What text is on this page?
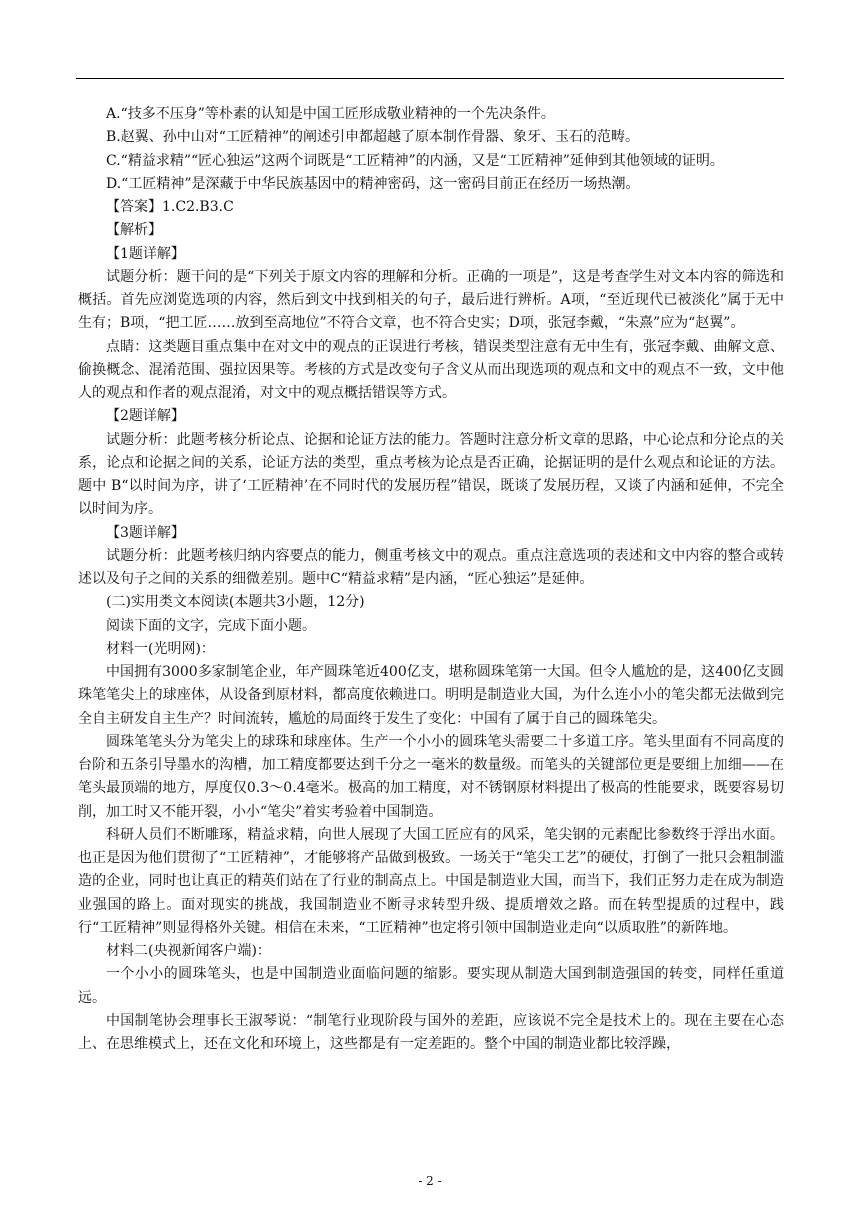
A.“技多不压身”等朴素的认知是中国工匠形成敬业精神的一个先决条件。

B.赵翼、孙中山对“工匠精神”的阐述引申都超越了原本制作骨器、象牙、玉石的范畴。

C.“精益求精”“匠心独运”这两个词既是“工匠精神”的内涵，又是“工匠精神”延伸到其他领域的证明。

D.“工匠精神”是深藏于中华民族基因中的精神密码，这一密码目前正在经历一场热潮。

【答案】1.C2.B3.C

【解析】

【1题详解】

试题分析：题干问的是“下列关于原文内容的理解和分析。正确的一项是”，这是考查学生对文本内容的筛选和概括。首先应浏览选项的内容，然后到文中找到相关的句子，最后进行辨析。A项，“至近现代已被淡化”属于无中生有；B项，“把工匠……放到至高地位”不符合文章，也不符合史实；D项，张冠李戴，“朱熹”应为“赵翼”。

点睛：这类题目重点集中在对文中的观点的正误进行考核，错误类型注意有无中生有，张冠李戴、曲解文意、偷换概念、混淆范围、强拉因果等。考核的方式是改变句子含义从而出现选项的观点和文中的观点不一致，文中他人的观点和作者的观点混淆，对文中的观点概括错误等方式。

【2题详解】

试题分析：此题考核分析论点、论据和论证方法的能力。答题时注意分析文章的思路，中心论点和分论点的关系，论点和论据之间的关系，论证方法的类型，重点考核为论点是否正确，论据证明的是什么观点和论证的方法。题中 B“以时间为序，讲了‘工匠精神’在不同时代的发展历程”错误，既谈了发展历程，又谈了内涵和延伸，不完全以时间为序。

【3题详解】

试题分析：此题考核归纳内容要点的能力，侧重考核文中的观点。重点注意选项的表述和文中内容的整合或转述以及句子之间的关系的细微差别。题中C“精益求精”是内涵，“匠心独运”是延伸。

(二)实用类文本阅读(本题共3小题，12分)

阅读下面的文字，完成下面小题。

材料一(光明网)：

中国拥有3000多家制笔企业，年产圆珠笔近400亿支，堪称圆珠笔第一大国。但令人尴尬的是，这400亿支圆珠笔笔尖上的球座体，从设备到原材料，都高度依赖进口。明明是制造业大国，为什么连小小的笔尖都无法做到完全自主研发自主生产？时间流转，尴尬的局面终于发生了变化：中国有了属于自己的圆珠笔尖。

圆珠笔笔头分为笔尖上的球珠和球座体。生产一个小小的圆珠笔头需要二十多道工序。笔头里面有不同高度的台阶和五条引导墨水的沟槽，加工精度都要达到千分之一毫米的数量级。而笔头的关键部位更是要细上加细——在笔头最顶端的地方，厚度仅0.3～0.4毫米。极高的加工精度，对不锈钢原材料提出了极高的性能要求，既要容易切削，加工时又不能开裂，小小“笔尖”着实考验着中国制造。

科研人员们不断雕琢，精益求精，向世人展现了大国工匠应有的风采，笔尖钢的元素配比参数终于浮出水面。也正是因为他们贯彻了“工匠精神”，才能够将产品做到极致。一场关于“笔尖工艺”的硬仗，打倒了一批只会粗制滥造的企业，同时也让真正的精英们站在了行业的制高点上。中国是制造业大国，而当下，我们正努力走在成为制造业强国的路上。面对现实的挑战，我国制造业不断寻求转型升级、提质增效之路。而在转型提质的过程中，践行“工匠精神”则显得格外关键。相信在未来，“工匠精神”也定将引领中国制造业走向“以质取胜”的新阵地。

材料二(央视新闻客户端)：

一个小小的圆珠笔头，也是中国制造业面临问题的缩影。要实现从制造大国到制造强国的转变，同样任重道远。

中国制笔协会理事长王淑琴说：“制笔行业现阶段与国外的差距，应该说不完全是技术上的。现在主要在心态上、在思维模式上，还在文化和环境上，这些都是有一定差距的。整个中国的制造业都比较浮躁，

- 2 -
